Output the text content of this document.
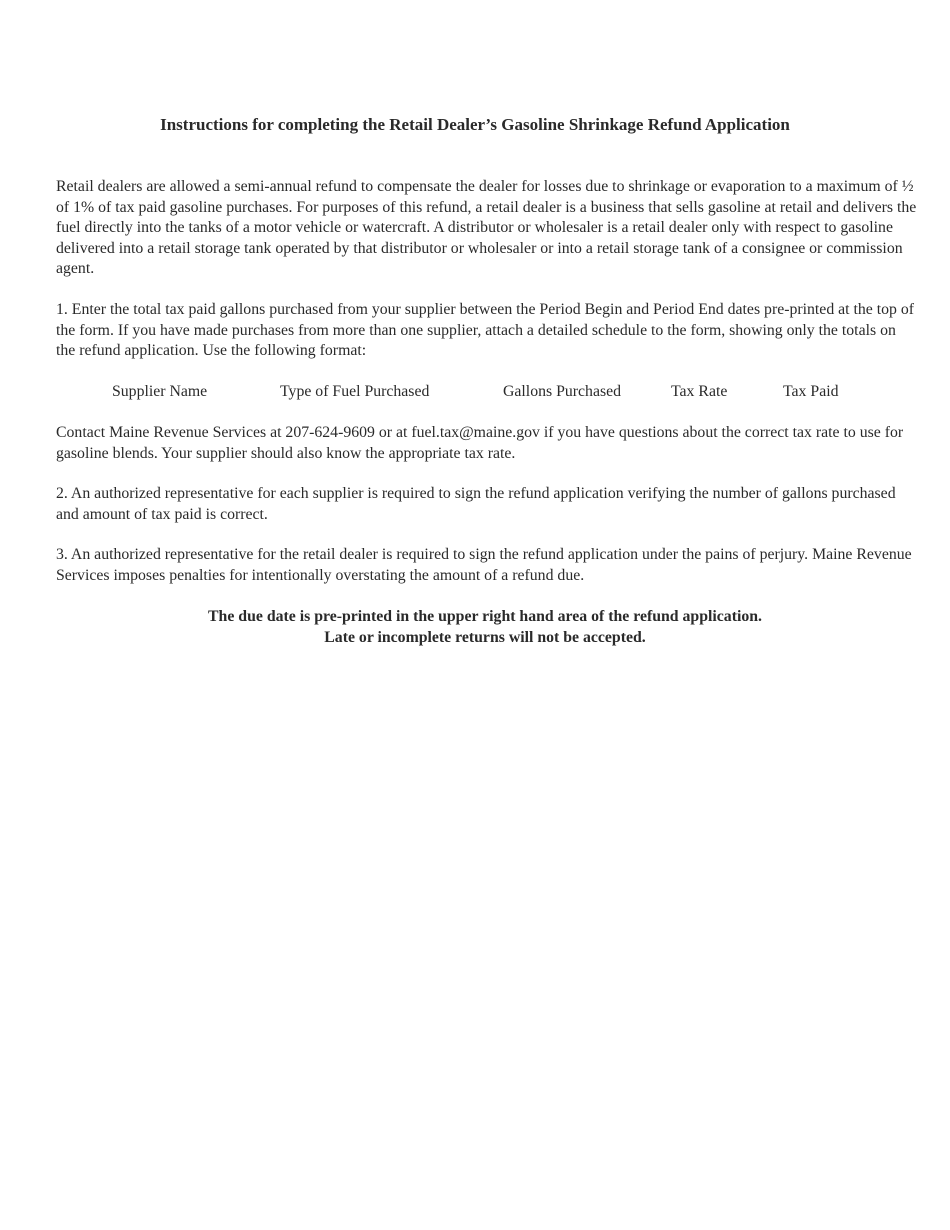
Instructions for completing the Retail Dealer’s Gasoline Shrinkage Refund Application

Retail dealers are allowed a semi-annual refund to compensate the dealer for losses due to shrinkage or evaporation to a maximum of ½ of 1% of tax paid gasoline purchases. For purposes of this refund, a retail dealer is a business that sells gasoline at retail and delivers the fuel directly into the tanks of a motor vehicle or watercraft. A distributor or wholesaler is a retail dealer only with respect to gasoline delivered into a retail storage tank operated by that distributor or wholesaler or into a retail storage tank of a consignee or commission agent.

1. Enter the total tax paid gallons purchased from your supplier between the Period Begin and Period End dates pre-printed at the top of the form. If you have made purchases from more than one supplier, attach a detailed schedule to the form, showing only the totals on the refund application. Use the following format:

Supplier Name	Type of Fuel Purchased	Gallons Purchased	Tax Rate	Tax Paid

Contact Maine Revenue Services at 207-624-9609 or at fuel.tax@maine.gov if you have questions about the correct tax rate to use for gasoline blends. Your supplier should also know the appropriate tax rate.

2. An authorized representative for each supplier is required to sign the refund application verifying the number of gallons purchased and amount of tax paid is correct.

3. An authorized representative for the retail dealer is required to sign the refund application under the pains of perjury. Maine Revenue Services imposes penalties for intentionally overstating the amount of a refund due.

The due date is pre-printed in the upper right hand area of the refund application.
Late or incomplete returns will not be accepted.
